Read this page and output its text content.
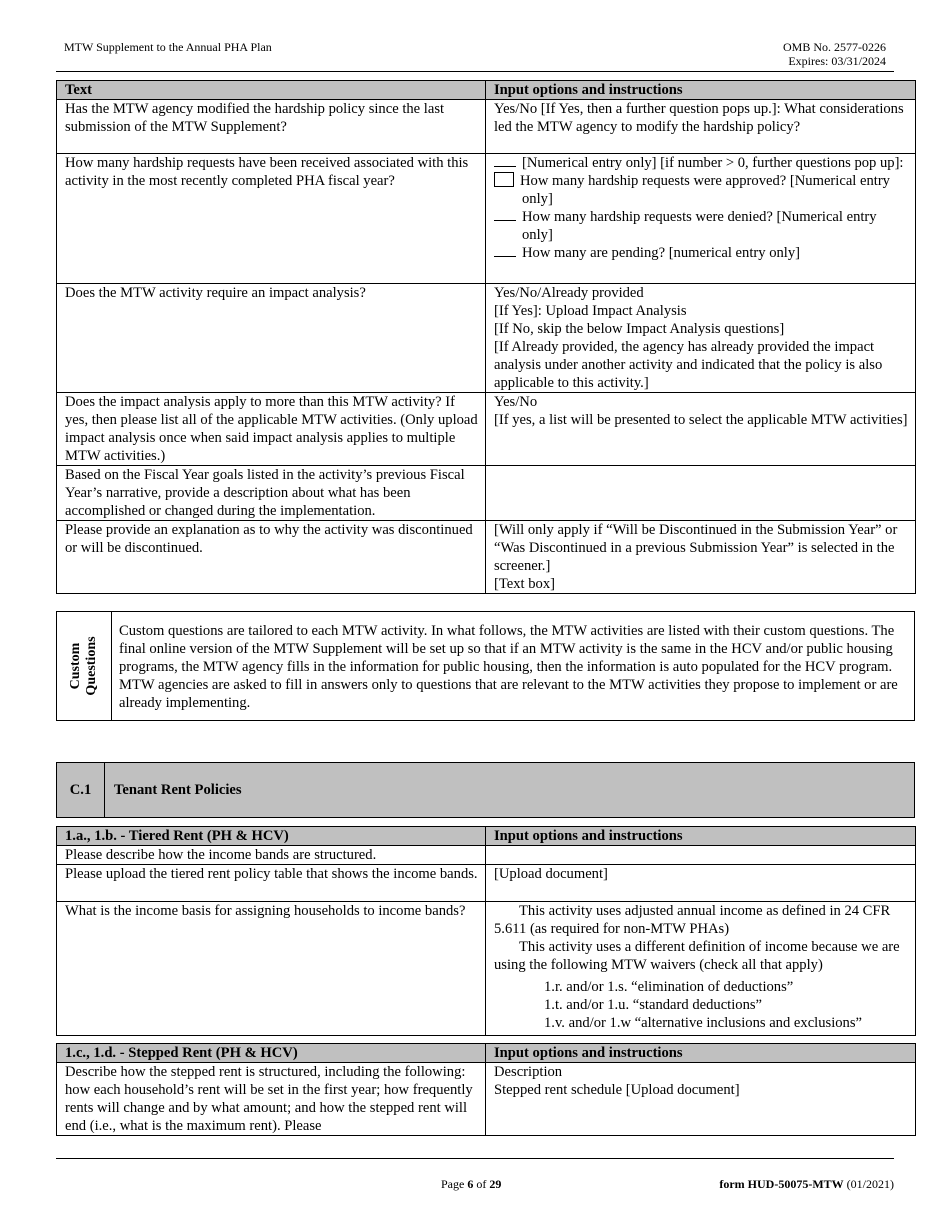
MTW Supplement to the Annual PHA Plan	OMB No. 2577-0226
Expires: 03/31/2024
Text	Input options and instructions
Has the MTW agency modified the hardship policy since the last submission of the MTW Supplement?	Yes/No [If Yes, then a further question pops up.]: What considerations led the MTW agency to modify the hardship policy?
How many hardship requests have been received associated with this activity in the most recently completed PHA fiscal year?	[Numerical entry only] [if number > 0, further questions pop up]:
How many hardship requests were approved? [Numerical entry only]
How many hardship requests were denied? [Numerical entry only]
How many are pending? [numerical entry only]

Does the MTW activity require an impact analysis?	Yes/No/Already provided
[If Yes]: Upload Impact Analysis
[If No, skip the below Impact Analysis questions]
[If Already provided, the agency has already provided the impact analysis under another activity and indicated that the policy is also applicable to this activity.]

Does the impact analysis apply to more than this MTW activity? If yes, then please list all of the applicable MTW activities. (Only upload impact analysis once when said impact analysis applies to multiple MTW activities.)	Yes/No
[If yes, a list will be presented to select the applicable MTW activities]

Based on the Fiscal Year goals listed in the activity’s previous Fiscal Year’s narrative, provide a description about what has been accomplished or changed during the implementation.	
Please provide an explanation as to why the activity was discontinued or will be discontinued.	[Will only apply if “Will be Discontinued in the Submission Year” or “Was Discontinued in a previous Submission Year” is selected in the screener.]
[Text box]
Custom Questions
Custom questions are tailored to each MTW activity. In what follows, the MTW activities are listed with their custom questions. The final online version of the MTW Supplement will be set up so that if an MTW activity is the same in the HCV and/or public housing programs, the MTW agency fills in the information for public housing, then the information is auto populated for the HCV program. MTW agencies are asked to fill in answers only to questions that are relevant to the MTW activities they propose to implement or are already implementing.
C.1	Tenant Rent Policies
1.a., 1.b. - Tiered Rent (PH & HCV)	Input options and instructions
Please describe how the income bands are structured.	
Please upload the tiered rent policy table that shows the income bands.	[Upload document]
What is the income basis for assigning households to income bands?	This activity uses adjusted annual income as defined in 24 CFR 5.611 (as required for non-MTW PHAs)
This activity uses a different definition of income because we are using the following MTW waivers (check all that apply)
1.r. and/or 1.s. “elimination of deductions”
1.t. and/or 1.u. “standard deductions”
1.v. and/or 1.w “alternative inclusions and exclusions”
1.c., 1.d. - Stepped Rent (PH & HCV)	Input options and instructions
Describe how the stepped rent is structured, including the following: how each household’s rent will be set in the first year; how frequently rents will change and by what amount; and how the stepped rent will end (i.e., what is the maximum rent). Please	Description
Stepped rent schedule [Upload document]
Page 6 of 29	form HUD-50075-MTW (01/2021)
